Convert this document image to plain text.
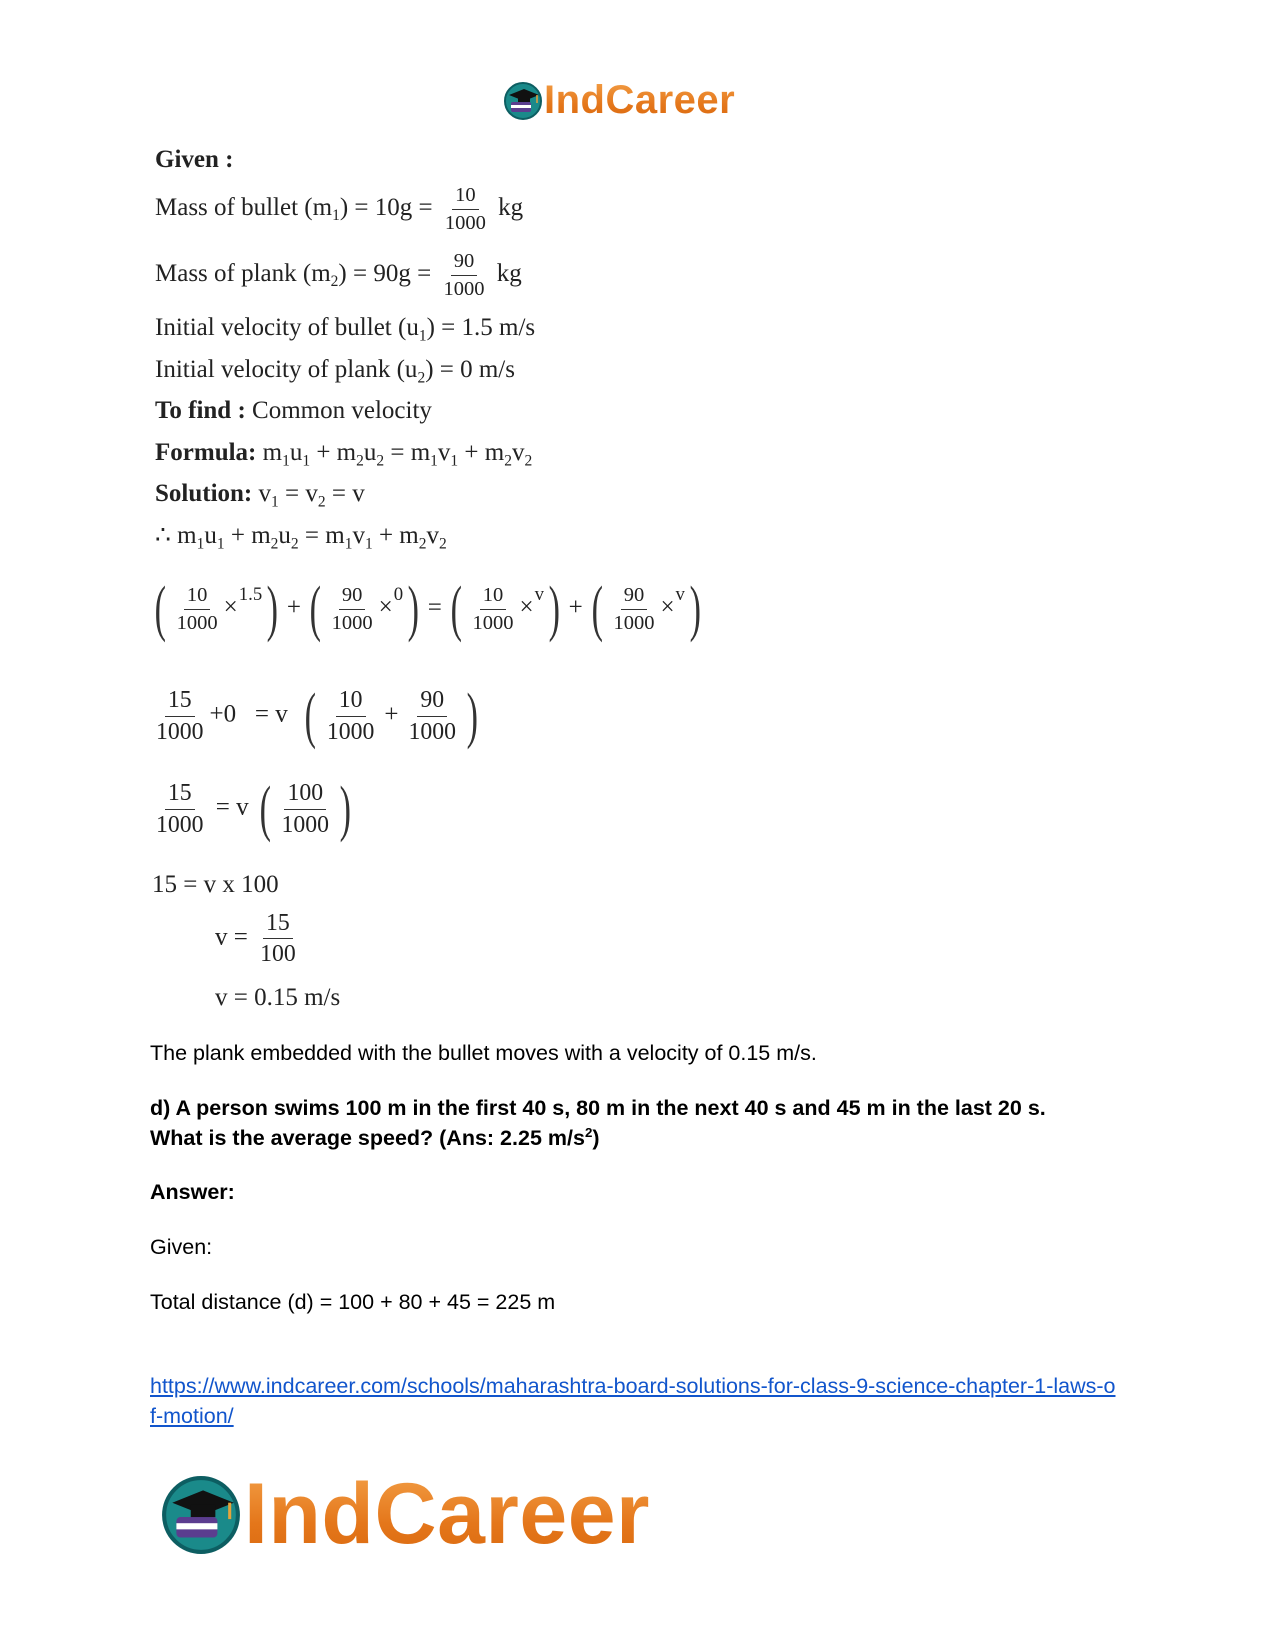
IndCareer
Given :
Mass of bullet $(m_1) = 10g = \frac{10}{1000}$ kg
Mass of plank $(m_2) = 90g = \frac{90}{1000}$ kg
Initial velocity of bullet $(u_1) = 1.5$ m/s
Initial velocity of plank $(u_2) = 0$ m/s
To find : Common velocity
Formula: $m_1u_1 + m_2u_2 = m_1v_1 + m_2v_2$
Solution: $v_1 = v_2 = v$
∴ $m_1u_1 + m_2u_2 = m_1v_1 + m_2v_2$
( $\frac{10}{1000} \times^{1.5}$) + ( $\frac{90}{1000} \times^0$) = ( $\frac{10}{1000} \times^v$) + ( $\frac{90}{1000} \times^v$)
$\frac{15}{1000} +0 = v$ ( $\frac{10}{1000} + \frac{90}{1000}$ )
$\frac{15}{1000} = v$ ( $\frac{100}{1000}$ )
15 = v x 100
$v = \frac{15}{100}$
v = 0.15 m/s
The plank embedded with the bullet moves with a velocity of 0.15 m/s.
d) A person swims 100 m in the first 40 s, 80 m in the next 40 s and 45 m in the last 20 s.
What is the average speed? (Ans: 2.25 $m/s^2$)
Answer:
Given:
Total distance (d) = 100 + 80 + 45 = 225 m
https://www.indcareer.com/schools/maharashtra-board-solutions-for-class-9-science-chapter-1-laws-of-motion/
IndCareer
